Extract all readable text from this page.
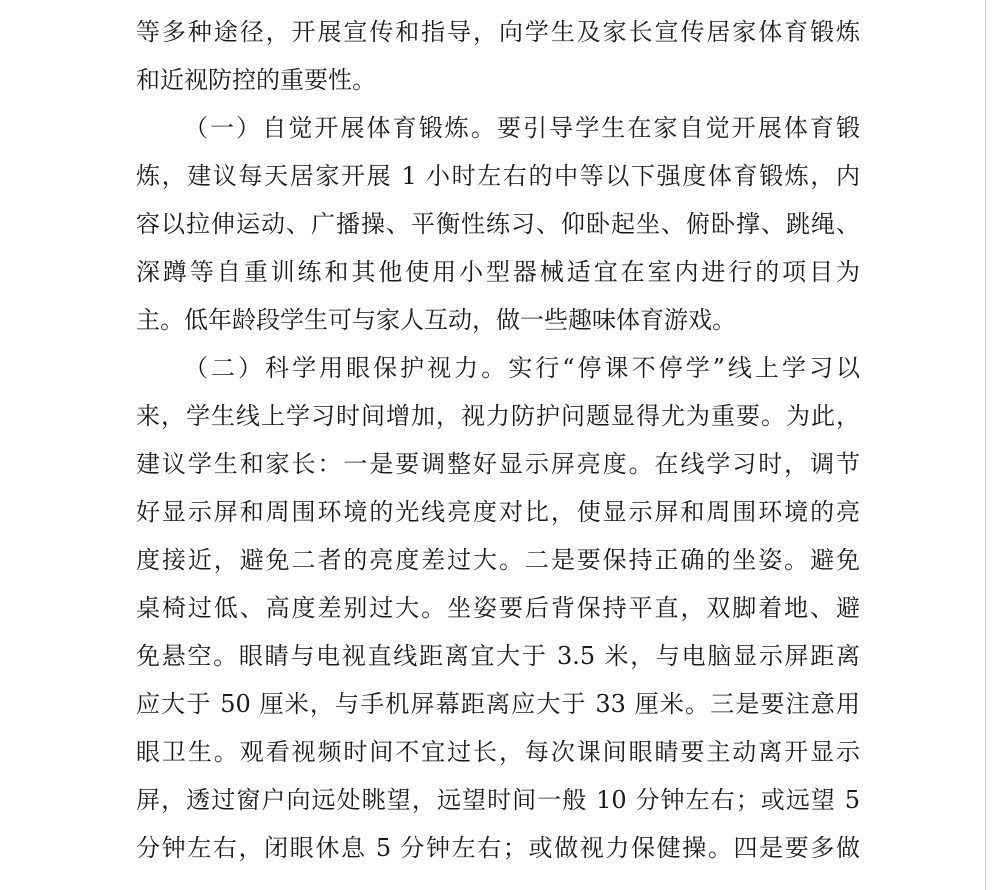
等多种途径，开展宣传和指导，向学生及家长宣传居家体育锻炼
和近视防控的重要性。
（一）自觉开展体育锻炼。要引导学生在家自觉开展体育锻
炼，建议每天居家开展 1 小时左右的中等以下强度体育锻炼，内
容以拉伸运动、广播操、平衡性练习、仰卧起坐、俯卧撑、跳绳、
深蹲等自重训练和其他使用小型器械适宜在室内进行的项目为
主。低年龄段学生可与家人互动，做一些趣味体育游戏。
（二）科学用眼保护视力。实行“停课不停学”线上学习以
来，学生线上学习时间增加，视力防护问题显得尤为重要。为此，
建议学生和家长：一是要调整好显示屏亮度。在线学习时，调节
好显示屏和周围环境的光线亮度对比，使显示屏和周围环境的亮
度接近，避免二者的亮度差过大。二是要保持正确的坐姿。避免
桌椅过低、高度差别过大。坐姿要后背保持平直，双脚着地、避
免悬空。眼睛与电视直线距离宜大于 3.5 米，与电脑显示屏距离
应大于 50 厘米，与手机屏幕距离应大于 33 厘米。三是要注意用
眼卫生。观看视频时间不宜过长，每次课间眼睛要主动离开显示
屏，透过窗户向远处眺望，远望时间一般 10 分钟左右；或远望 5
分钟左右，闭眼休息 5 分钟左右；或做视力保健操。四是要多做
